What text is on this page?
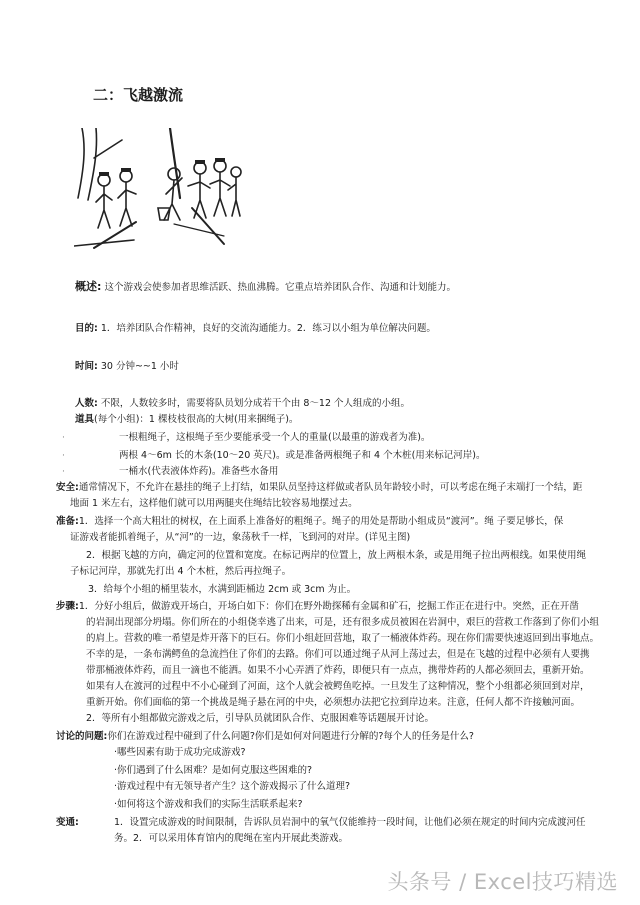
二：飞越激流
概述: 这个游戏会使参加者思维活跃、热血沸腾。它重点培养团队合作、沟通和计划能力。
目的: 1．培养团队合作精神，良好的交流沟通能力。2．练习以小组为单位解决问题。
时间: 30 分钟~~1 小时
人数: 不限，人数较多时，需要将队员划分成若干个由 8～12 个人组成的小组。
道具(每个小组)：1 棵枝枝很高的大树(用来捆绳子)。
·	一根粗绳子，这根绳子至少要能承受一个人的重量(以最重的游戏者为准)。
·	两根 4～6m 长的木条(10～20 英尺)。或是准备两根绳子和 4 个木桩(用来标记河岸)。
·	一桶水(代表液体炸药)。准备些水备用
安全:通常情况下，不允许在悬挂的绳子上打结，如果队员坚持这样做或者队员年龄较小时，可以考虑在绳子末端打一个结，距
地面 1 米左右，这样他们就可以用两腿夹住绳结比较容易地摆过去。
准备:1．选择一个高大粗壮的树权，在上面系上准备好的粗绳子。绳子的用处是帮助小组成员“渡河”。绳 子要足够长，保
证游戏者能抓着绳子，从“河”的一边，象荡秋千一样，飞到河的对岸。(详见主图)
2．根据飞越的方向，确定河的位置和宽度。在标记两岸的位置上，放上两根木条，或是用绳子拉出两根线。如果使用绳
子标记河岸，那就先打出 4 个木桩，然后再拉绳子。
3．给每个小组的桶里装水，水满到距桶边 2cm 或 3cm 为止。
步骤:1．分好小组后，做游戏开场白，开场白如下：你们在野外勘探稀有金属和矿石，挖掘工作正在进行中。突然，正在开凿
的岩洞出现部分坍塌。你们所在的小组侥幸逃了出来，可是，还有很多成员被困在岩洞中，艰巨的营救工作落到了你们小组
的肩上。营救的唯一希望是炸开落下的巨石。你们小组赶回营地，取了一桶液体炸药。现在你们需要快速返回到出事地点。
不幸的是，一条布满鳄鱼的急流挡住了你们的去路。你们可以通过绳子从河上荡过去，但是在飞越的过程中必须有人要携
带那桶液体炸药，而且一滴也不能洒。如果不小心弄洒了炸药，即便只有一点点，携带炸药的人都必须回去，重新开始。
如果有人在渡河的过程中不小心碰到了河面，这个人就会被鳄鱼吃掉。一旦发生了这种情况，整个小组都必须回到对岸，
重新开始。你们面临的第一个挑战是绳子悬在河的中央，必须想办法把它拉到岸边来。注意，任何人都不许接触河面。
2．等所有小组都做完游戏之后，引导队员就团队合作、克服困难等话题展开讨论。
讨论的问题:你们在游戏过程中碰到了什么问题?你们是如何对问题进行分解的?每个人的任务是什么?
·哪些因素有助于成功完成游戏?
·你们遇到了什么困难？是如何克服这些困难的?
·游戏过程中有无领导者产生？这个游戏揭示了什么道理?
·如何将这个游戏和我们的实际生活联系起来?
变通:	1．设置完成游戏的时间限制，告诉队员岩洞中的氧气仅能维持一段时间，让他们必须在规定的时间内完成渡河任
务。2．可以采用体育馆内的爬绳在室内开展此类游戏。
头条号 / Excel技巧精选
